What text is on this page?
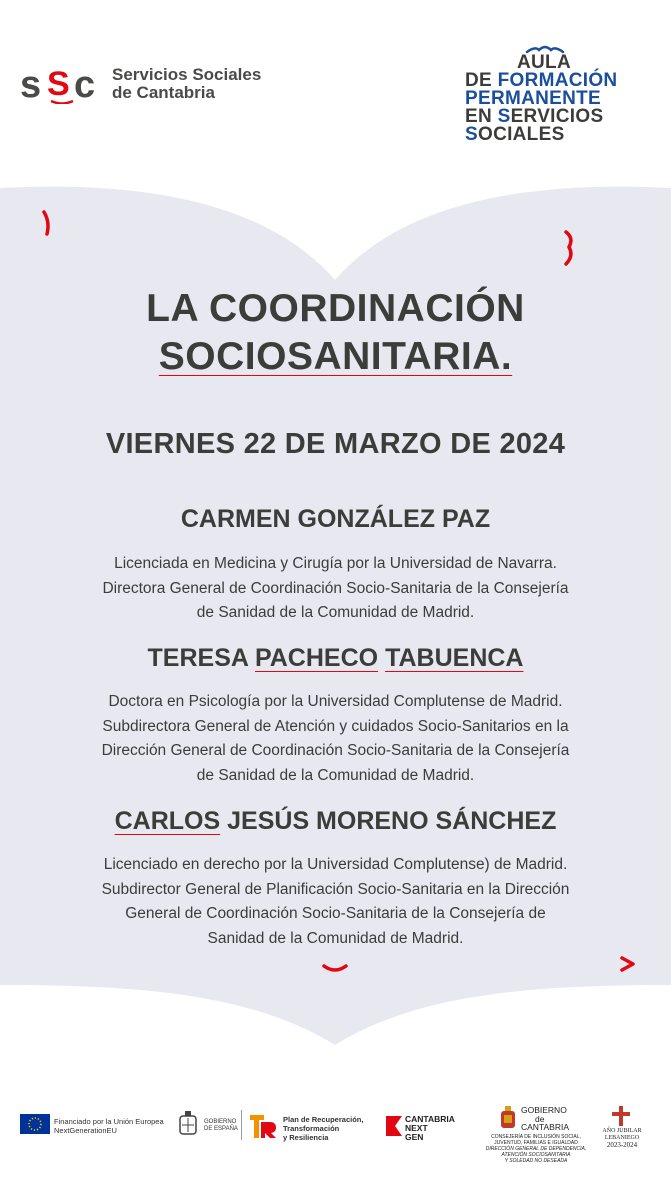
s S c Servicios Sociales
de Cantabria
AULA
DE FORMACIÓN
PERMANENTE
EN SERVICIOS
SOCIALES
LA COORDINACIÓN
SOCIOSANITARIA.
VIERNES 22 DE MARZO DE 2024
CARMEN GONZÁLEZ PAZ
Licenciada en Medicina y Cirugía por la Universidad de Navarra.
Directora General de Coordinación Socio-Sanitaria de la Consejería
de Sanidad de la Comunidad de Madrid.
TERESA PACHECO TABUENCA
Doctora en Psicología por la Universidad Complutense de Madrid.
Subdirectora General de Atención y cuidados Socio-Sanitarios en la
Dirección General de Coordinación Socio-Sanitaria de la Consejería
de Sanidad de la Comunidad de Madrid.
CARLOS JESÚS MORENO SÁNCHEZ
Licenciado en derecho por la Universidad Complutense) de Madrid.
Subdirector General de Planificación Socio-Sanitaria en la Dirección
General de Coordinación Socio-Sanitaria de la Consejería de
Sanidad de la Comunidad de Madrid.
Financiado por la Unión Europea
NextGenerationEU
GOBIERNO
DE ESPAÑA
Plan de Recuperación,
Transformación
y Resiliencia
CANTABRIA
NEXT
GEN
GOBIERNO
de
CANTABRIA
CONSEJERÍA DE INCLUSIÓN SOCIAL,
JUVENTUD, FAMILIAS E IGUALDAD
DIRECCIÓN GENERAL DE DEPENDENCIA,
ATENCIÓN SOCIOSANITARIA
Y SOLEDAD NO DESEADA
AÑO JUBILAR
LEBANIEGO
2023-2024
